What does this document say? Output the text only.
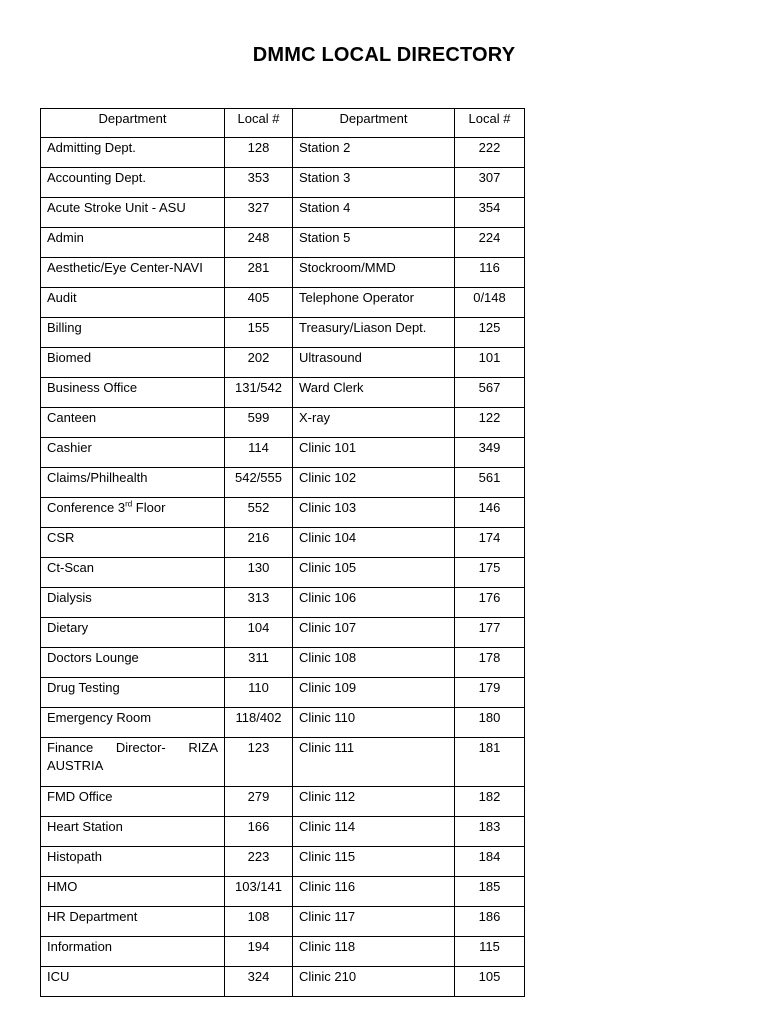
DMMC LOCAL DIRECTORY
Department	Local #	Department	Local #
Admitting Dept.	128	Station 2	222
Accounting Dept.	353	Station 3	307
Acute Stroke Unit - ASU	327	Station 4	354
Admin	248	Station 5	224
Aesthetic/Eye Center-NAVI	281	Stockroom/MMD	116
Audit	405	Telephone Operator	0/148
Billing	155	Treasury/Liason Dept.	125
Biomed	202	Ultrasound	101
Business Office	131/542	Ward Clerk	567
Canteen	599	X-ray	122
Cashier	114	Clinic 101	349
Claims/Philhealth	542/555	Clinic 102	561
Conference 3rd Floor	552	Clinic 103	146
CSR	216	Clinic 104	174
Ct-Scan	130	Clinic 105	175
Dialysis	313	Clinic 106	176
Dietary	104	Clinic 107	177
Doctors Lounge	311	Clinic 108	178
Drug Testing	110	Clinic 109	179
Emergency Room	118/402	Clinic 110	180

Finance Director- RIZA
AUSTRIA	123	Clinic 111	181
FMD Office	279	Clinic 112	182
Heart Station	166	Clinic 114	183
Histopath	223	Clinic 115	184
HMO	103/141	Clinic 116	185
HR Department	108	Clinic 117	186
Information	194	Clinic 118	115
ICU	324	Clinic 210	105
